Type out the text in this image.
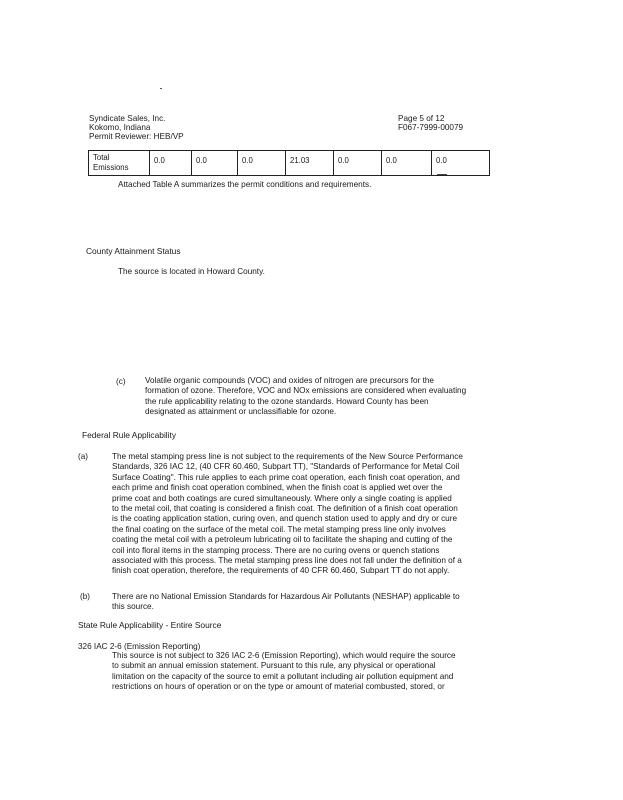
Syndicate Sales, Inc.
Kokomo, Indiana
Permit Reviewer: HEB/VP
Page 5 of 12
F067-7999-00079
Total
Emissions
0.0	0.0	0.0	21.03	0.0	0.0	0.0
Attached Table A summarizes the permit conditions and requirements.
County Attainment Status
The source is located in Howard County.
(c) Volatile organic compounds (VOC) and oxides of nitrogen are precursors for the
formation of ozone. Therefore, VOC and NOx emissions are considered when evaluating
the rule applicability relating to the ozone standards. Howard County has been
designated as attainment or unclassifiable for ozone.
Federal Rule Applicability
(a)	The metal stamping press line is not subject to the requirements of the New Source Performance
Standards, 326 IAC 12, (40 CFR 60.460, Subpart TT), "Standards of Performance for Metal Coil
Surface Coating". This rule applies to each prime coat operation, each finish coat operation, and
each prime and finish coat operation combined, when the finish coat is applied wet over the
prime coat and both coatings are cured simultaneously. Where only a single coating is applied
to the metal coil, that coating is considered a finish coat. The definition of a finish coat operation
is the coating application station, curing oven, and quench station used to apply and dry or cure
the final coating on the surface of the metal coil. The metal stamping press line only involves
coating the metal coil with a petroleum lubricating oil to facilitate the shaping and cutting of the
coil into floral items in the stamping process. There are no curing ovens or quench stations
associated with this process. The metal stamping press line does not fall under the definition of a
finish coat operation, therefore, the requirements of 40 CFR 60.460, Subpart TT do not apply.
(b)	There are no National Emission Standards for Hazardous Air Pollutants (NESHAP) applicable to
this source.
State Rule Applicability - Entire Source
326 IAC 2-6 (Emission Reporting)
This source is not subject to 326 IAC 2-6 (Emission Reporting), which would require the source
to submit an annual emission statement. Pursuant to this rule, any physical or operational
limitation on the capacity of the source to emit a pollutant including air pollution equipment and
restrictions on hours of operation or on the type or amount of material combusted, stored, or
